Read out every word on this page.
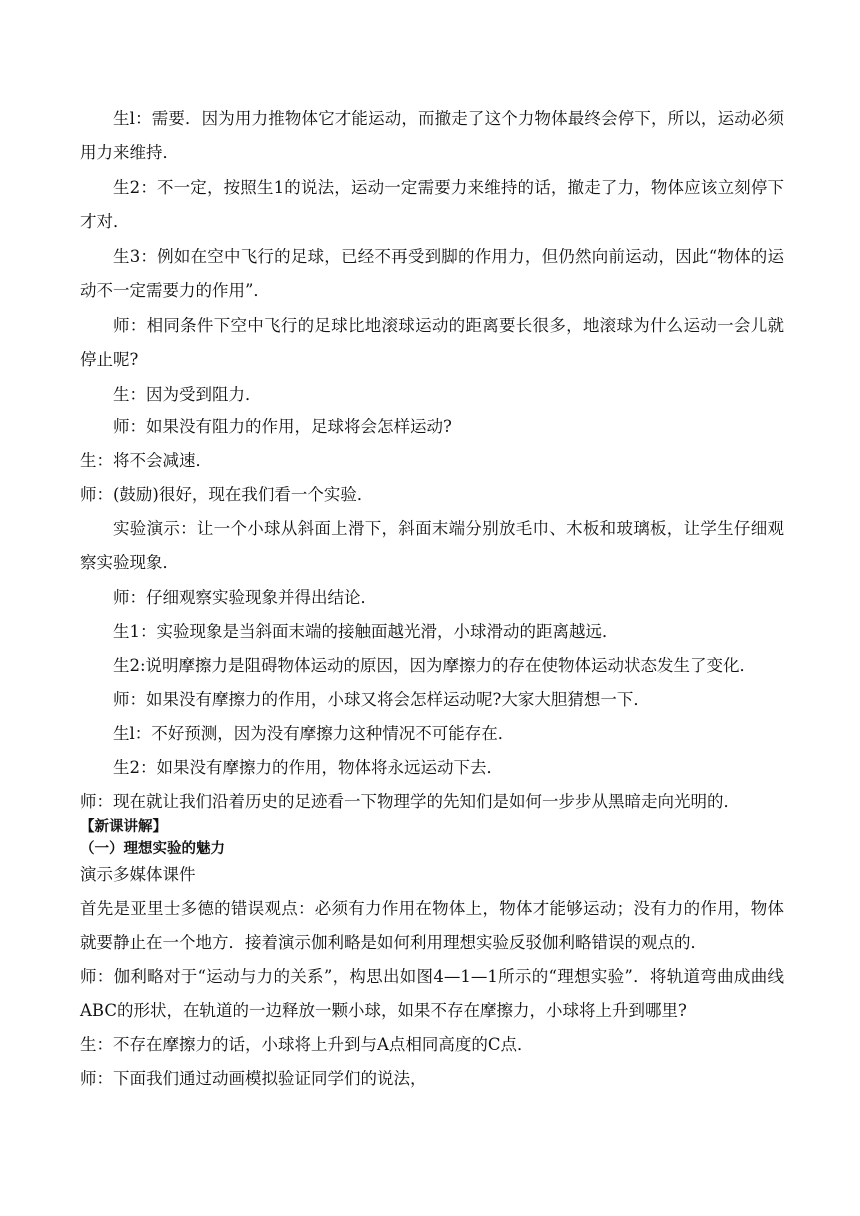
生l：需要．因为用力推物体它才能运动，而撤走了这个力物体最终会停下，所以，运动必须用力来维持．

生2：不一定，按照生1的说法，运动一定需要力来维持的话，撤走了力，物体应该立刻停下才对．

生3：例如在空中飞行的足球，已经不再受到脚的作用力，但仍然向前运动，因此“物体的运动不一定需要力的作用”．

师：相同条件下空中飞行的足球比地滚球运动的距离要长很多，地滚球为什么运动一会儿就停止呢?

生：因为受到阻力．

师：如果没有阻力的作用，足球将会怎样运动?

生：将不会减速．

师：(鼓励)很好，现在我们看一个实验．

实验演示：让一个小球从斜面上滑下，斜面末端分别放毛巾、木板和玻璃板，让学生仔细观察实验现象．

师：仔细观察实验现象并得出结论．

生1：实验现象是当斜面末端的接触面越光滑，小球滑动的距离越远．

生2:说明摩擦力是阻碍物体运动的原因，因为摩擦力的存在使物体运动状态发生了变化．

师：如果没有摩擦力的作用，小球又将会怎样运动呢?大家大胆猜想一下．

生l：不好预测，因为没有摩擦力这种情况不可能存在．

生2：如果没有摩擦力的作用，物体将永远运动下去．

师：现在就让我们沿着历史的足迹看一下物理学的先知们是如何一步步从黑暗走向光明的．

【新课讲解】

（一）理想实验的魅力

演示多媒体课件

首先是亚里士多德的错误观点：必须有力作用在物体上，物体才能够运动；没有力的作用，物体就要静止在一个地方．接着演示伽利略是如何利用理想实验反驳伽利略错误的观点的．

师：伽利略对于“运动与力的关系”，构思出如图4—1—1所示的“理想实验”．将轨道弯曲成曲线ABC的形状，在轨道的一边释放一颗小球，如果不存在摩擦力，小球将上升到哪里?

生：不存在摩擦力的话，小球将上升到与A点相同高度的C点．

师：下面我们通过动画模拟验证同学们的说法，
